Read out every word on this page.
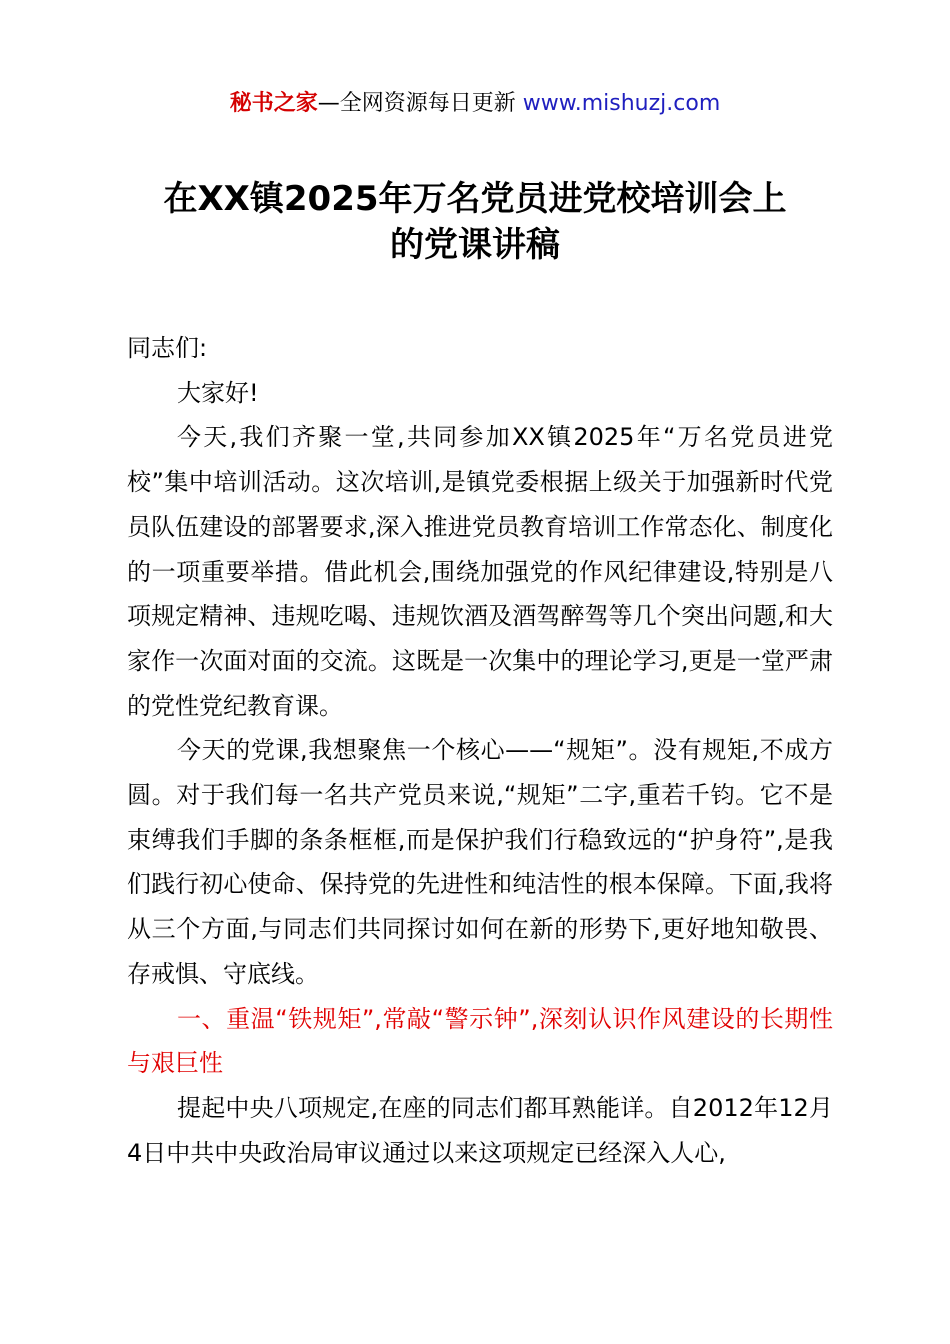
秘书之家—全网资源每日更新 www.mishuzj.com
在XX镇2025年万名党员进党校培训会上
的党课讲稿

同志们:

大家好!

今天,我们齐聚一堂,共同参加XX镇2025年“万名党员进党校”集中培训活动。这次培训,是镇党委根据上级关于加强新时代党员队伍建设的部署要求,深入推进党员教育培训工作常态化、制度化的一项重要举措。借此机会,围绕加强党的作风纪律建设,特别是八项规定精神、违规吃喝、违规饮酒及酒驾醉驾等几个突出问题,和大家作一次面对面的交流。这既是一次集中的理论学习,更是一堂严肃的党性党纪教育课。

今天的党课,我想聚焦一个核心——“规矩”。没有规矩,不成方圆。对于我们每一名共产党员来说,“规矩”二字,重若千钧。它不是束缚我们手脚的条条框框,而是保护我们行稳致远的“护身符”,是我们践行初心使命、保持党的先进性和纯洁性的根本保障。下面,我将从三个方面,与同志们共同探讨如何在新的形势下,更好地知敬畏、存戒惧、守底线。

一、重温“铁规矩”,常敲“警示钟”,深刻认识作风建设的长期性与艰巨性

提起中央八项规定,在座的同志们都耳熟能详。自2012年12月4日中共中央政治局审议通过以来这项规定已经深入人心,
